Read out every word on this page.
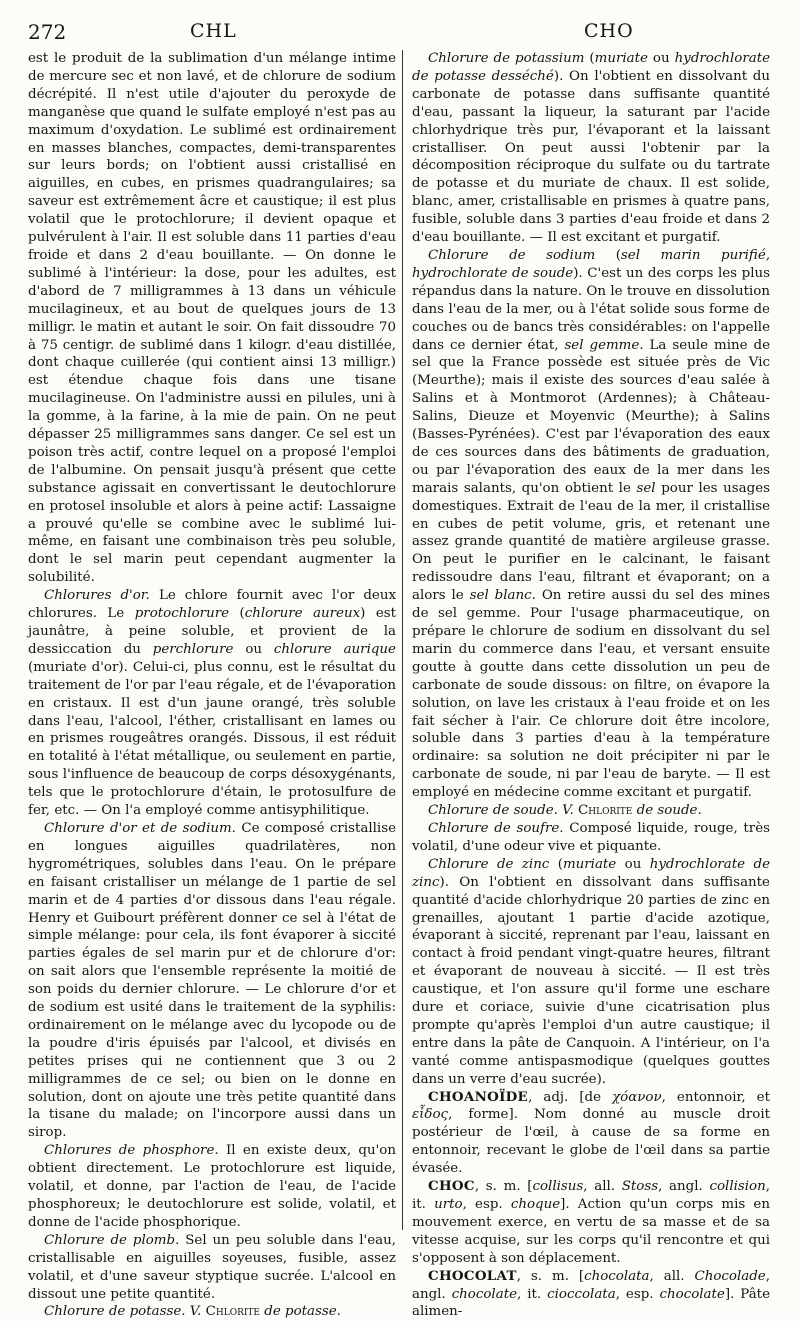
272	CHL	CHO

est le produit de la sublimation d'un mélange intime de mercure sec et non lavé, et de chlorure de sodium décrépité. Il n'est utile d'ajouter du peroxyde de manganèse que quand le sulfate employé n'est pas au maximum d'oxydation. Le sublimé est ordinairement en masses blanches, compactes, demi-transparentes sur leurs bords; on l'obtient aussi cristallisé en aiguilles, en cubes, en prismes quadrangulaires; sa saveur est extrêmement âcre et caustique; il est plus volatil que le protochlorure; il devient opaque et pulvérulent à l'air. Il est soluble dans 11 parties d'eau froide et dans 2 d'eau bouillante. — On donne le sublimé à l'intérieur: la dose, pour les adultes, est d'abord de 7 milligrammes à 13 dans un véhicule mucilagineux, et au bout de quelques jours de 13 milligr. le matin et autant le soir. On fait dissoudre 70 à 75 centigr. de sublimé dans 1 kilogr. d'eau distillée, dont chaque cuillerée (qui contient ainsi 13 milligr.) est étendue chaque fois dans une tisane mucilagineuse. On l'administre aussi en pilules, uni à la gomme, à la farine, à la mie de pain. On ne peut dépasser 25 milligrammes sans danger. Ce sel est un poison très actif, contre lequel on a proposé l'emploi de l'albumine. On pensait jusqu'à présent que cette substance agissait en convertissant le deutochlorure en protosel insoluble et alors à peine actif: Lassaigne a prouvé qu'elle se combine avec le sublimé lui-même, en faisant une combinaison très peu soluble, dont le sel marin peut cependant augmenter la solubilité.

Chlorures d'or. Le chlore fournit avec l'or deux chlorures. Le protochlorure (chlorure aureux) est jaunâtre, à peine soluble, et provient de la dessiccation du perchlorure ou chlorure aurique (muriate d'or). Celui-ci, plus connu, est le résultat du traitement de l'or par l'eau régale, et de l'évaporation en cristaux. Il est d'un jaune orangé, très soluble dans l'eau, l'alcool, l'éther, cristallisant en lames ou en prismes rougeâtres orangés. Dissous, il est réduit en totalité à l'état métallique, ou seulement en partie, sous l'influence de beaucoup de corps désoxygénants, tels que le protochlorure d'étain, le protosulfure de fer, etc. — On l'a employé comme antisyphilitique.

Chlorure d'or et de sodium. Ce composé cristallise en longues aiguilles quadrilatères, non hygrométriques, solubles dans l'eau. On le prépare en faisant cristalliser un mélange de 1 partie de sel marin et de 4 parties d'or dissous dans l'eau régale. Henry et Guibourt préfèrent donner ce sel à l'état de simple mélange: pour cela, ils font évaporer à siccité parties égales de sel marin pur et de chlorure d'or: on sait alors que l'ensemble représente la moitié de son poids du dernier chlorure. — Le chlorure d'or et de sodium est usité dans le traitement de la syphilis: ordinairement on le mélange avec du lycopode ou de la poudre d'iris épuisés par l'alcool, et divisés en petites prises qui ne contiennent que 3 ou 2 milligrammes de ce sel; ou bien on le donne en solution, dont on ajoute une très petite quantité dans la tisane du malade; on l'incorpore aussi dans un sirop.

Chlorures de phosphore. Il en existe deux, qu'on obtient directement. Le protochlorure est liquide, volatil, et donne, par l'action de l'eau, de l'acide phosphoreux; le deutochlorure est solide, volatil, et donne de l'acide phosphorique.

Chlorure de plomb. Sel un peu soluble dans l'eau, cristallisable en aiguilles soyeuses, fusible, assez volatil, et d'une saveur styptique sucrée. L'alcool en dissout une petite quantité.

Chlorure de potasse. V. Chlorite de potasse.

Chlorure de potassium (muriate ou hydrochlorate de potasse desséché). On l'obtient en dissolvant du carbonate de potasse dans suffisante quantité d'eau, passant la liqueur, la saturant par l'acide chlorhydrique très pur, l'évaporant et la laissant cristalliser. On peut aussi l'obtenir par la décomposition réciproque du sulfate ou du tartrate de potasse et du muriate de chaux. Il est solide, blanc, amer, cristallisable en prismes à quatre pans, fusible, soluble dans 3 parties d'eau froide et dans 2 d'eau bouillante. — Il est excitant et purgatif.

Chlorure de sodium (sel marin purifié, hydrochlorate de soude). C'est un des corps les plus répandus dans la nature. On le trouve en dissolution dans l'eau de la mer, ou à l'état solide sous forme de couches ou de bancs très considérables: on l'appelle dans ce dernier état, sel gemme. La seule mine de sel que la France possède est située près de Vic (Meurthe); mais il existe des sources d'eau salée à Salins et à Montmorot (Ardennes); à Château-Salins, Dieuze et Moyenvic (Meurthe); à Salins (Basses-Pyrénées). C'est par l'évaporation des eaux de ces sources dans des bâtiments de graduation, ou par l'évaporation des eaux de la mer dans les marais salants, qu'on obtient le sel pour les usages domestiques. Extrait de l'eau de la mer, il cristallise en cubes de petit volume, gris, et retenant une assez grande quantité de matière argileuse grasse. On peut le purifier en le calcinant, le faisant redissoudre dans l'eau, filtrant et évaporant; on a alors le sel blanc. On retire aussi du sel des mines de sel gemme. Pour l'usage pharmaceutique, on prépare le chlorure de sodium en dissolvant du sel marin du commerce dans l'eau, et versant ensuite goutte à goutte dans cette dissolution un peu de carbonate de soude dissous: on filtre, on évapore la solution, on lave les cristaux à l'eau froide et on les fait sécher à l'air. Ce chlorure doit être incolore, soluble dans 3 parties d'eau à la température ordinaire: sa solution ne doit précipiter ni par le carbonate de soude, ni par l'eau de baryte. — Il est employé en médecine comme excitant et purgatif.

Chlorure de soude. V. Chlorite de soude.

Chlorure de soufre. Composé liquide, rouge, très volatil, d'une odeur vive et piquante.

Chlorure de zinc (muriate ou hydrochlorate de zinc). On l'obtient en dissolvant dans suffisante quantité d'acide chlorhydrique 20 parties de zinc en grenailles, ajoutant 1 partie d'acide azotique, évaporant à siccité, reprenant par l'eau, laissant en contact à froid pendant vingt-quatre heures, filtrant et évaporant de nouveau à siccité. — Il est très caustique, et l'on assure qu'il forme une eschare dure et coriace, suivie d'une cicatrisation plus prompte qu'après l'emploi d'un autre caustique; il entre dans la pâte de Canquoin. A l'intérieur, on l'a vanté comme antispasmodique (quelques gouttes dans un verre d'eau sucrée).

CHOANOÏDE, adj. [de χόανον, entonnoir, et εἶδος, forme]. Nom donné au muscle droit postérieur de l'œil, à cause de sa forme en entonnoir, recevant le globe de l'œil dans sa partie évasée.

CHOC, s. m. [collisus, all. Stoss, angl. collision, it. urto, esp. choque]. Action qu'un corps mis en mouvement exerce, en vertu de sa masse et de sa vitesse acquise, sur les corps qu'il rencontre et qui s'opposent à son déplacement.

CHOCOLAT, s. m. [chocolata, all. Chocolade, angl. chocolate, it. cioccolata, esp. chocolate]. Pâte alimen-
